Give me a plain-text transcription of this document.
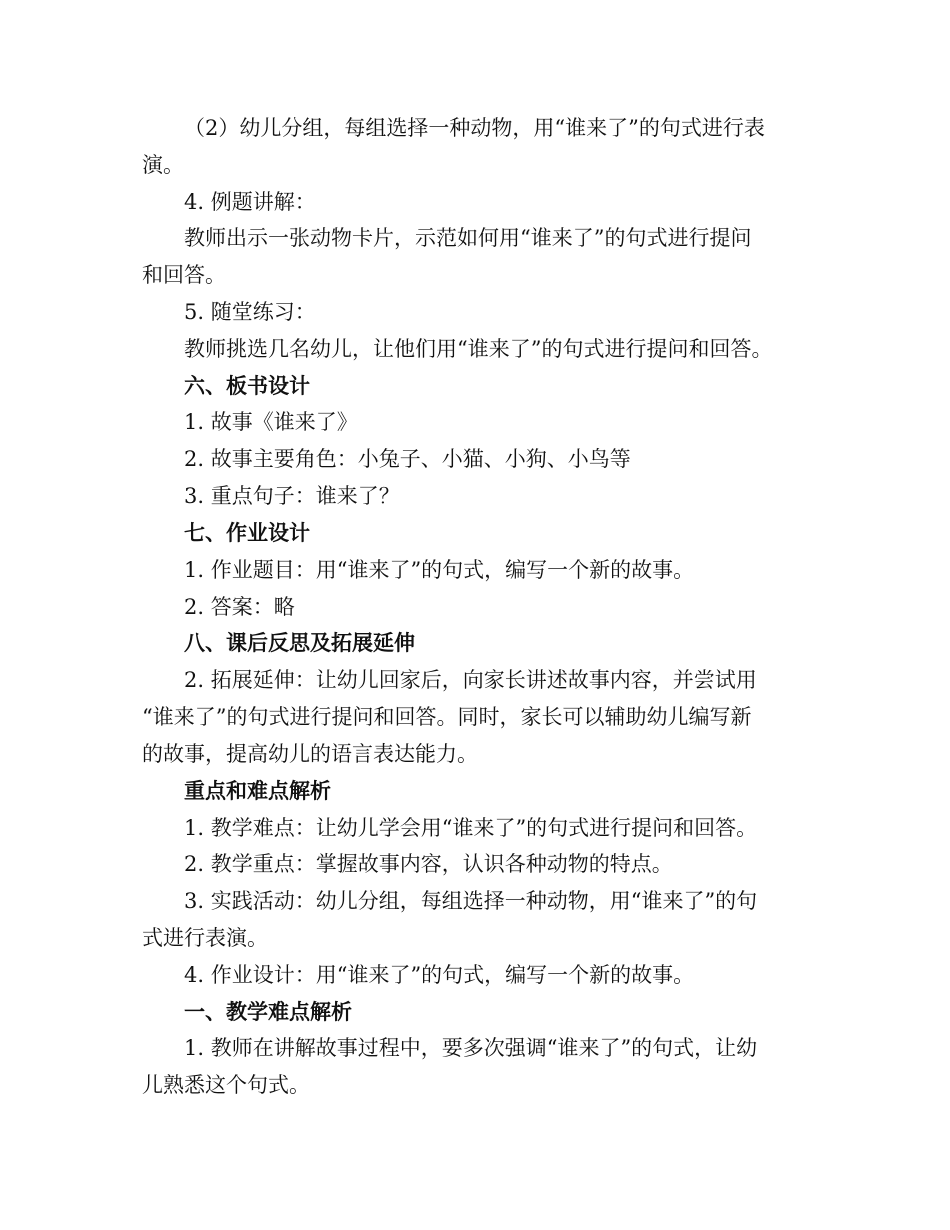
（2）幼儿分组，每组选择一种动物，用“谁来了”的句式进行表
演。
4. 例题讲解：
教师出示一张动物卡片，示范如何用“谁来了”的句式进行提问
和回答。
5. 随堂练习：
教师挑选几名幼儿，让他们用“谁来了”的句式进行提问和回答。
六、板书设计
1. 故事《谁来了》
2. 故事主要角色：小兔子、小猫、小狗、小鸟等
3. 重点句子：谁来了？
七、作业设计
1. 作业题目：用“谁来了”的句式，编写一个新的故事。
2. 答案：略
八、课后反思及拓展延伸
2. 拓展延伸：让幼儿回家后，向家长讲述故事内容，并尝试用
“谁来了”的句式进行提问和回答。同时，家长可以辅助幼儿编写新
的故事，提高幼儿的语言表达能力。
重点和难点解析
1. 教学难点：让幼儿学会用“谁来了”的句式进行提问和回答。
2. 教学重点：掌握故事内容，认识各种动物的特点。
3. 实践活动：幼儿分组，每组选择一种动物，用“谁来了”的句
式进行表演。
4. 作业设计：用“谁来了”的句式，编写一个新的故事。
一、教学难点解析
1. 教师在讲解故事过程中，要多次强调“谁来了”的句式，让幼
儿熟悉这个句式。
